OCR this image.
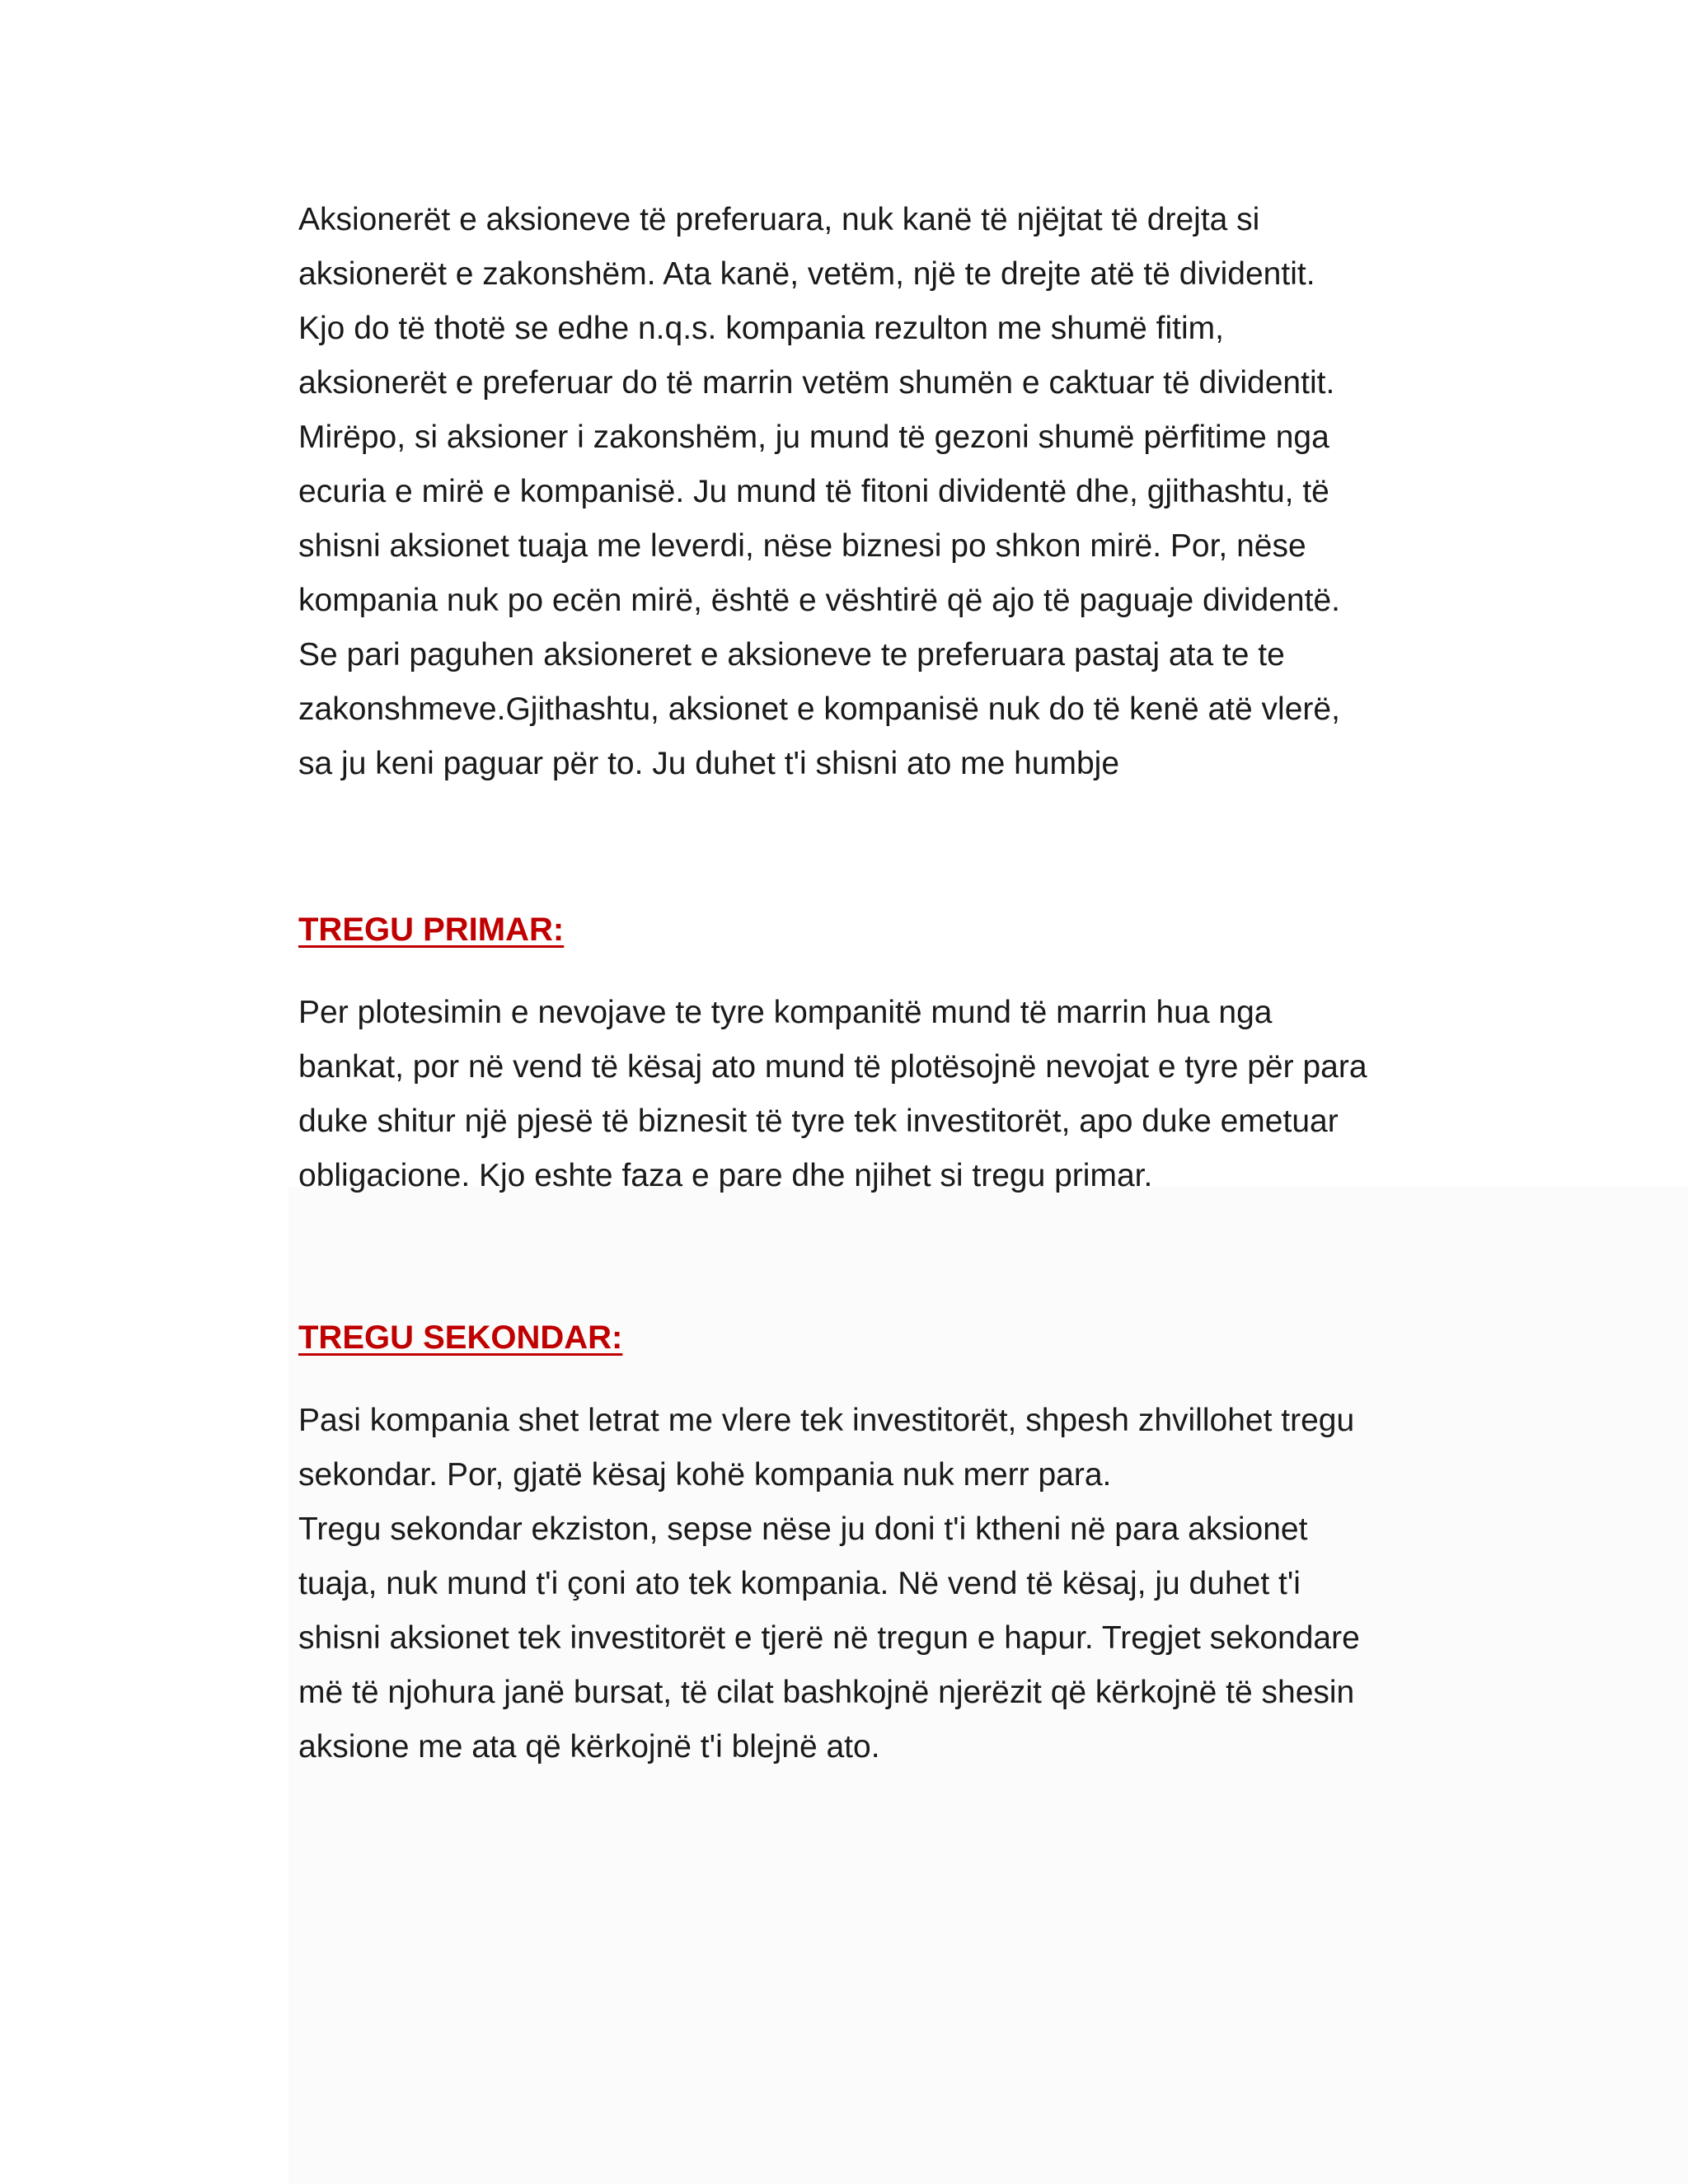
Aksionerët e aksioneve të preferuara, nuk kanë të njëjtat të drejta si
aksionerët e zakonshëm. Ata kanë, vetëm, një te drejte atë të dividentit.
Kjo do të thotë se edhe n.q.s. kompania rezulton me shumë fitim,
aksionerët e preferuar do të marrin vetëm shumën e caktuar të dividentit.
Mirëpo, si aksioner i zakonshëm, ju mund të gezoni shumë përfitime nga
ecuria e mirë e kompanisë. Ju mund të fitoni dividentë dhe, gjithashtu, të
shisni aksionet tuaja me leverdi, nëse biznesi po shkon mirë. Por, nëse
kompania nuk po ecën mirë, është e vështirë që ajo të paguaje dividentë.
Se pari paguhen aksioneret e aksioneve te preferuara pastaj ata te te
zakonshmeve.Gjithashtu, aksionet e kompanisë nuk do të kenë atë vlerë,
sa ju keni paguar për to. Ju duhet t'i shisni ato me humbje
TREGU PRIMAR:
Per plotesimin e nevojave te tyre kompanitë mund të marrin hua nga
bankat, por në vend të kësaj ato mund të plotësojnë nevojat e tyre për para
duke shitur një pjesë të biznesit të tyre tek investitorët, apo duke emetuar
obligacione. Kjo eshte faza e pare dhe njihet si tregu primar.
TREGU SEKONDAR:
Pasi kompania shet letrat me vlere tek investitorët, shpesh zhvillohet tregu
sekondar. Por, gjatë kësaj kohë kompania nuk merr para.
Tregu sekondar ekziston, sepse nëse ju doni t'i ktheni në para aksionet
tuaja, nuk mund t'i çoni ato tek kompania. Në vend të kësaj, ju duhet t'i
shisni aksionet tek investitorët e tjerë në tregun e hapur. Tregjet sekondare
më të njohura janë bursat, të cilat bashkojnë njerëzit që kërkojnë të shesin
aksione me ata që kërkojnë t'i blejnë ato.
